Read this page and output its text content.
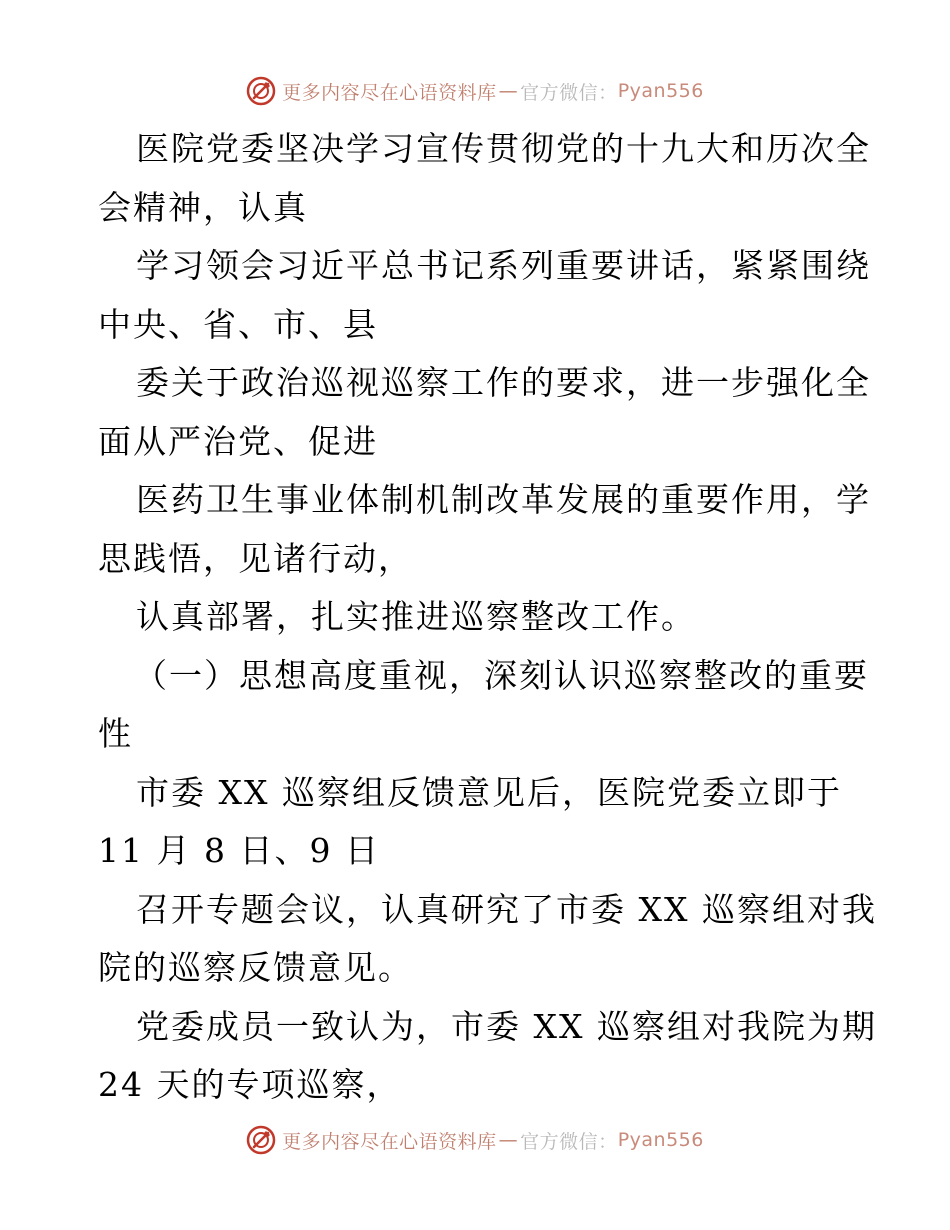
更多内容尽在心语资料库 — 官方微信： Pyan556
医院党委坚决学习宣传贯彻党的十九大和历次全
会精神，认真
学习领会习近平总书记系列重要讲话，紧紧围绕
中央、省、市、县
委关于政治巡视巡察工作的要求，进一步强化全
面从严治党、促进
医药卫生事业体制机制改革发展的重要作用，学
思践悟，见诸行动，
认真部署，扎实推进巡察整改工作。
（一）思想高度重视，深刻认识巡察整改的重要
性
市委 XX 巡察组反馈意见后，医院党委立即于
11 月 8 日、9 日
召开专题会议，认真研究了市委 XX 巡察组对我
院的巡察反馈意见。
党委成员一致认为，市委 XX 巡察组对我院为期
24 天的专项巡察，
更多内容尽在心语资料库 — 官方微信： Pyan556
